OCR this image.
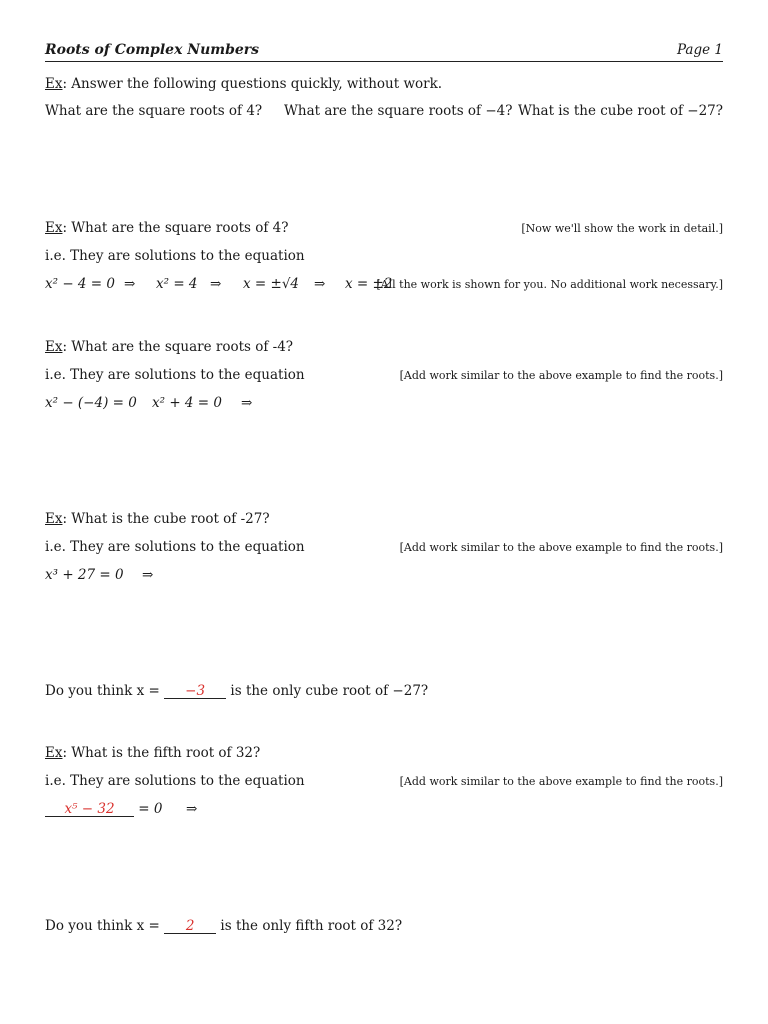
Roots of Complex Numbers	Page 1
Ex: Answer the following questions quickly, without work.
What are the square roots of 4? What are the square roots of −4? What is the cube root of −27?
Ex: What are the square roots of 4?	[Now we'll show the work in detail.]
i.e. They are solutions to the equation
x² − 4 = 0 ⇒ x² = 4 ⇒ x = ±√4 ⇒ x = ±2
[All the work is shown for you. No additional work necessary.]
Ex: What are the square roots of -4?
i.e. They are solutions to the equation	[Add work similar to the above example to find the roots.]
x² − (−4) = 0 x² + 4 = 0 ⇒
Ex: What is the cube root of -27?
i.e. They are solutions to the equation	[Add work similar to the above example to find the roots.]
x³ + 27 = 0 ⇒
Do you think x = −3 is the only cube root of −27?
Ex: What is the fifth root of 32?
i.e. They are solutions to the equation	[Add work similar to the above example to find the roots.]
x⁵ − 32 = 0 ⇒
Do you think x = 2 is the only fifth root of 32?
